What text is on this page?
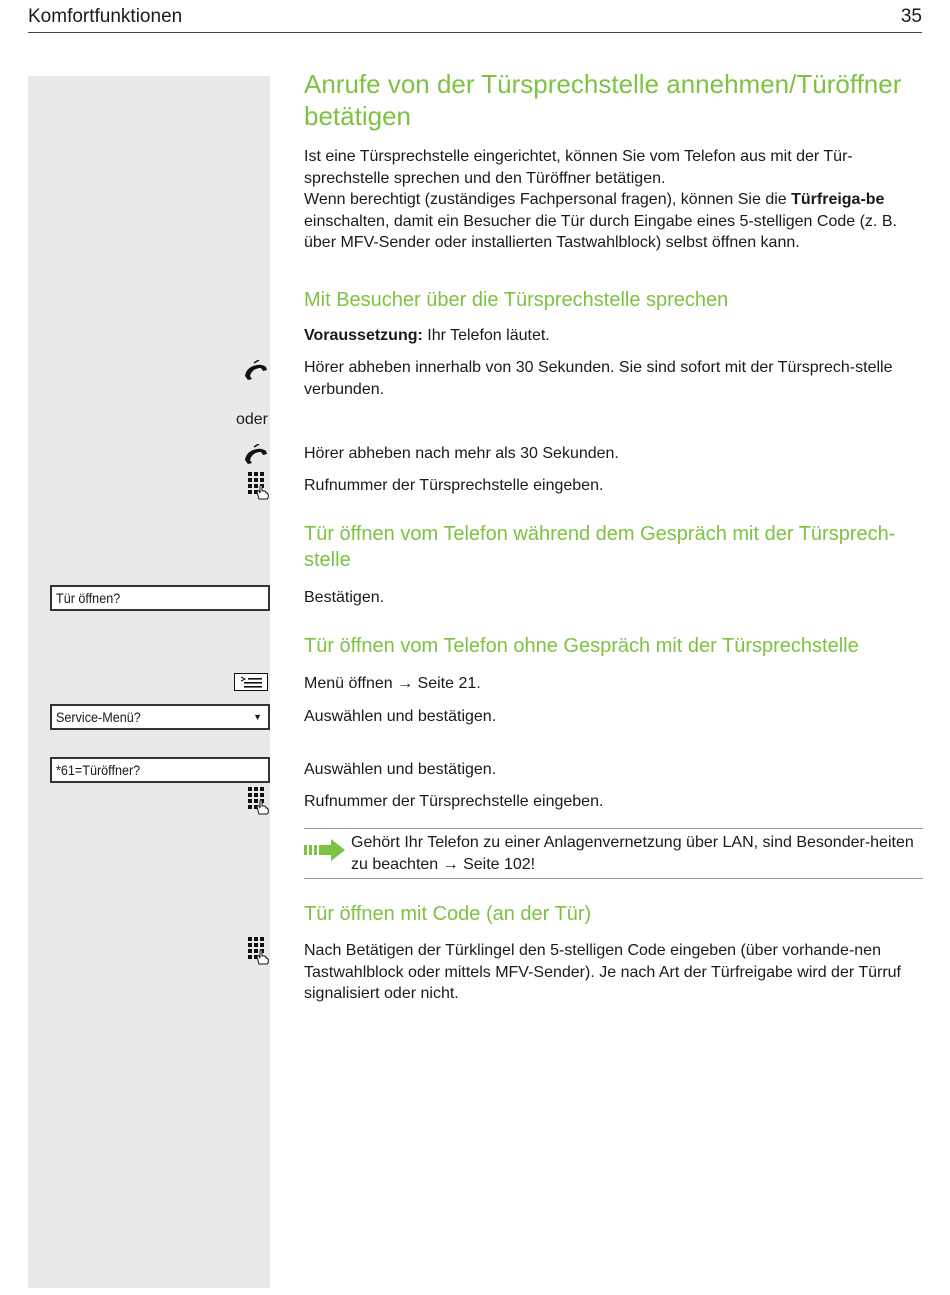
Komfortfunktionen	35
Anrufe von der Türsprechstelle annehmen/Türöffner betätigen
Ist eine Türsprechstelle eingerichtet, können Sie vom Telefon aus mit der Tür-sprechstelle sprechen und den Türöffner betätigen.
Wenn berechtigt (zuständiges Fachpersonal fragen), können Sie die Türfreiga-be einschalten, damit ein Besucher die Tür durch Eingabe eines 5-stelligen Code (z. B. über MFV-Sender oder installierten Tastwahlblock) selbst öffnen kann.
Mit Besucher über die Türsprechstelle sprechen
Voraussetzung: Ihr Telefon läutet.
Hörer abheben innerhalb von 30 Sekunden. Sie sind sofort mit der Türsprech-stelle verbunden.
oder
Hörer abheben nach mehr als 30 Sekunden.
Rufnummer der Türsprechstelle eingeben.
Tür öffnen vom Telefon während dem Gespräch mit der Türsprech-stelle
Tür öffnen?	Bestätigen.
Tür öffnen vom Telefon ohne Gespräch mit der Türsprechstelle
Menü öffnen → Seite 21.
Service-Menü?	▼	Auswählen und bestätigen.
*61=Türöffner?	Auswählen und bestätigen.
Rufnummer der Türsprechstelle eingeben.
Gehört Ihr Telefon zu einer Anlagenvernetzung über LAN, sind Besonder-heiten zu beachten → Seite 102!
Tür öffnen mit Code (an der Tür)
Nach Betätigen der Türklingel den 5-stelligen Code eingeben (über vorhande-nen Tastwahlblock oder mittels MFV-Sender). Je nach Art der Türfreigabe wird der Türruf signalisiert oder nicht.
